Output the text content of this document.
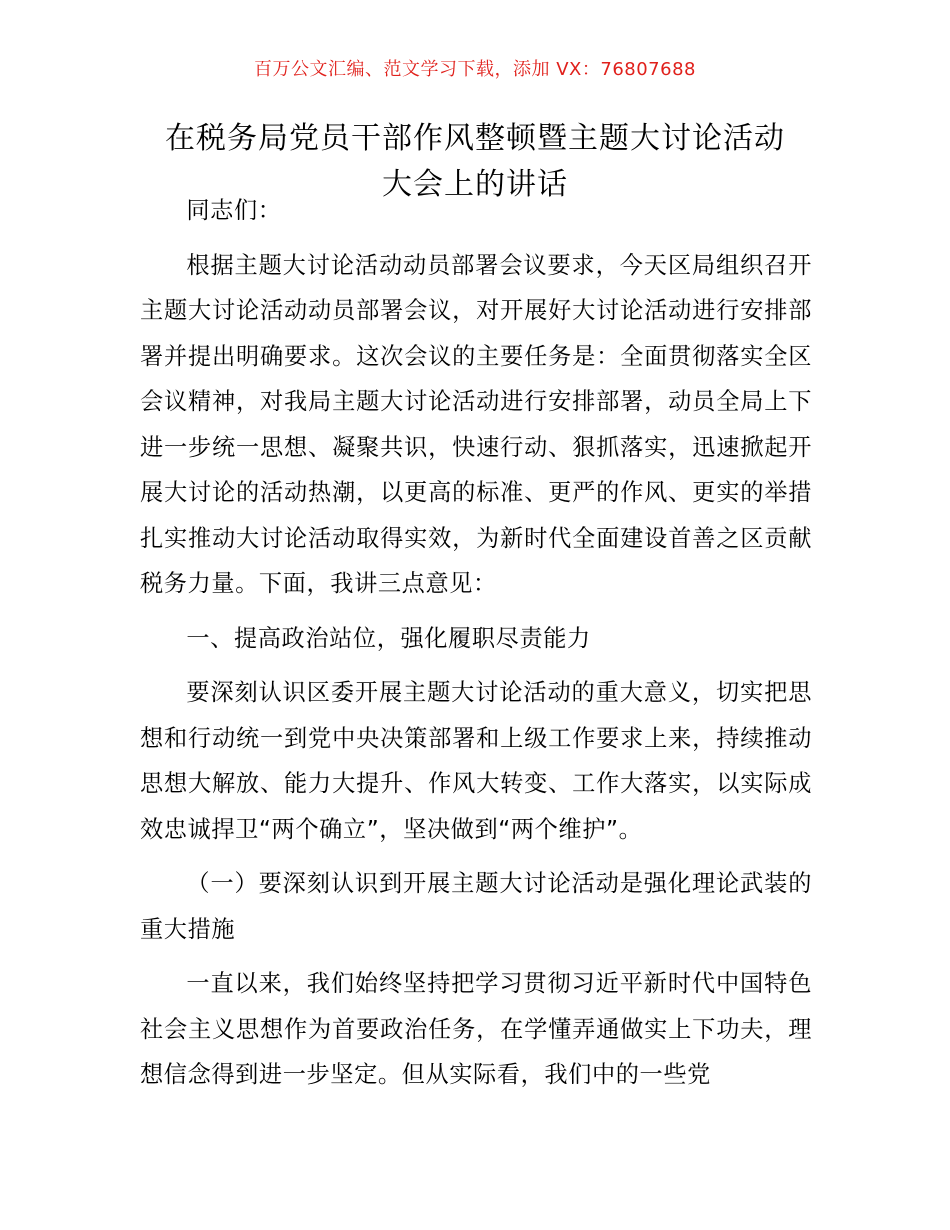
百万公文汇编、范文学习下载，添加 VX：76807688
在税务局党员干部作风整顿暨主题大讨论活动
大会上的讲话

同志们：

根据主题大讨论活动动员部署会议要求，今天区局组织召开主题大讨论活动动员部署会议，对开展好大讨论活动进行安排部署并提出明确要求。这次会议的主要任务是：全面贯彻落实全区会议精神，对我局主题大讨论活动进行安排部署，动员全局上下进一步统一思想、凝聚共识，快速行动、狠抓落实，迅速掀起开展大讨论的活动热潮，以更高的标准、更严的作风、更实的举措扎实推动大讨论活动取得实效，为新时代全面建设首善之区贡献税务力量。下面，我讲三点意见：

一、提高政治站位，强化履职尽责能力

要深刻认识区委开展主题大讨论活动的重大意义，切实把思想和行动统一到党中央决策部署和上级工作要求上来，持续推动思想大解放、能力大提升、作风大转变、工作大落实，以实际成效忠诚捍卫“两个确立”，坚决做到“两个维护”。

（一）要深刻认识到开展主题大讨论活动是强化理论武装的重大措施

一直以来，我们始终坚持把学习贯彻习近平新时代中国特色社会主义思想作为首要政治任务，在学懂弄通做实上下功夫，理想信念得到进一步坚定。但从实际看，我们中的一些党
